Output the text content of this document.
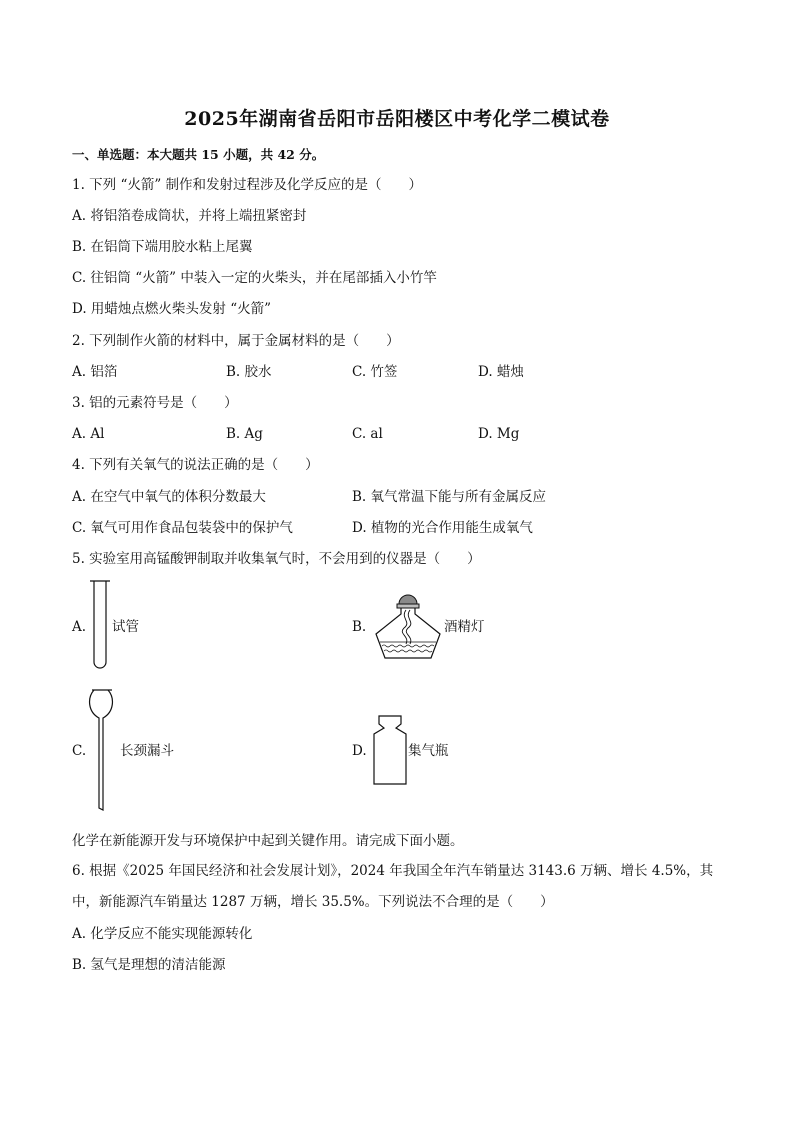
2025年湖南省岳阳市岳阳楼区中考化学二模试卷
一、单选题：本大题共 15 小题，共 42 分。
1. 下列 “火箭” 制作和发射过程涉及化学反应的是（　　）
A. 将铝箔卷成筒状，并将上端扭紧密封
B. 在铝筒下端用胶水粘上尾翼
C. 往铝筒 “火箭” 中装入一定的火柴头，并在尾部插入小竹竿
D. 用蜡烛点燃火柴头发射 “火箭”
2. 下列制作火箭的材料中，属于金属材料的是（　　）
A. 铝箔	B. 胶水	C. 竹签	D. 蜡烛
3. 铝的元素符号是（　　）
A. Al	B. Ag	C. al	D. Mg
4. 下列有关氧气的说法正确的是（　　）
A. 在空气中氧气的体积分数最大	B. 氧气常温下能与所有金属反应
C. 氧气可用作食品包装袋中的保护气	D. 植物的光合作用能生成氧气
5. 实验室用高锰酸钾制取并收集氧气时，不会用到的仪器是（　　）
A. 试管	B.	酒精灯
C.	长颈漏斗	D.	集气瓶
化学在新能源开发与环境保护中起到关键作用。请完成下面小题。
6. 根据《2025 年国民经济和社会发展计划》，2024 年我国全年汽车销量达 3143.6 万辆、增长 4.5%，其
中，新能源汽车销量达 1287 万辆，增长 35.5%。下列说法不合理的是（　　）
A. 化学反应不能实现能源转化
B. 氢气是理想的清洁能源
